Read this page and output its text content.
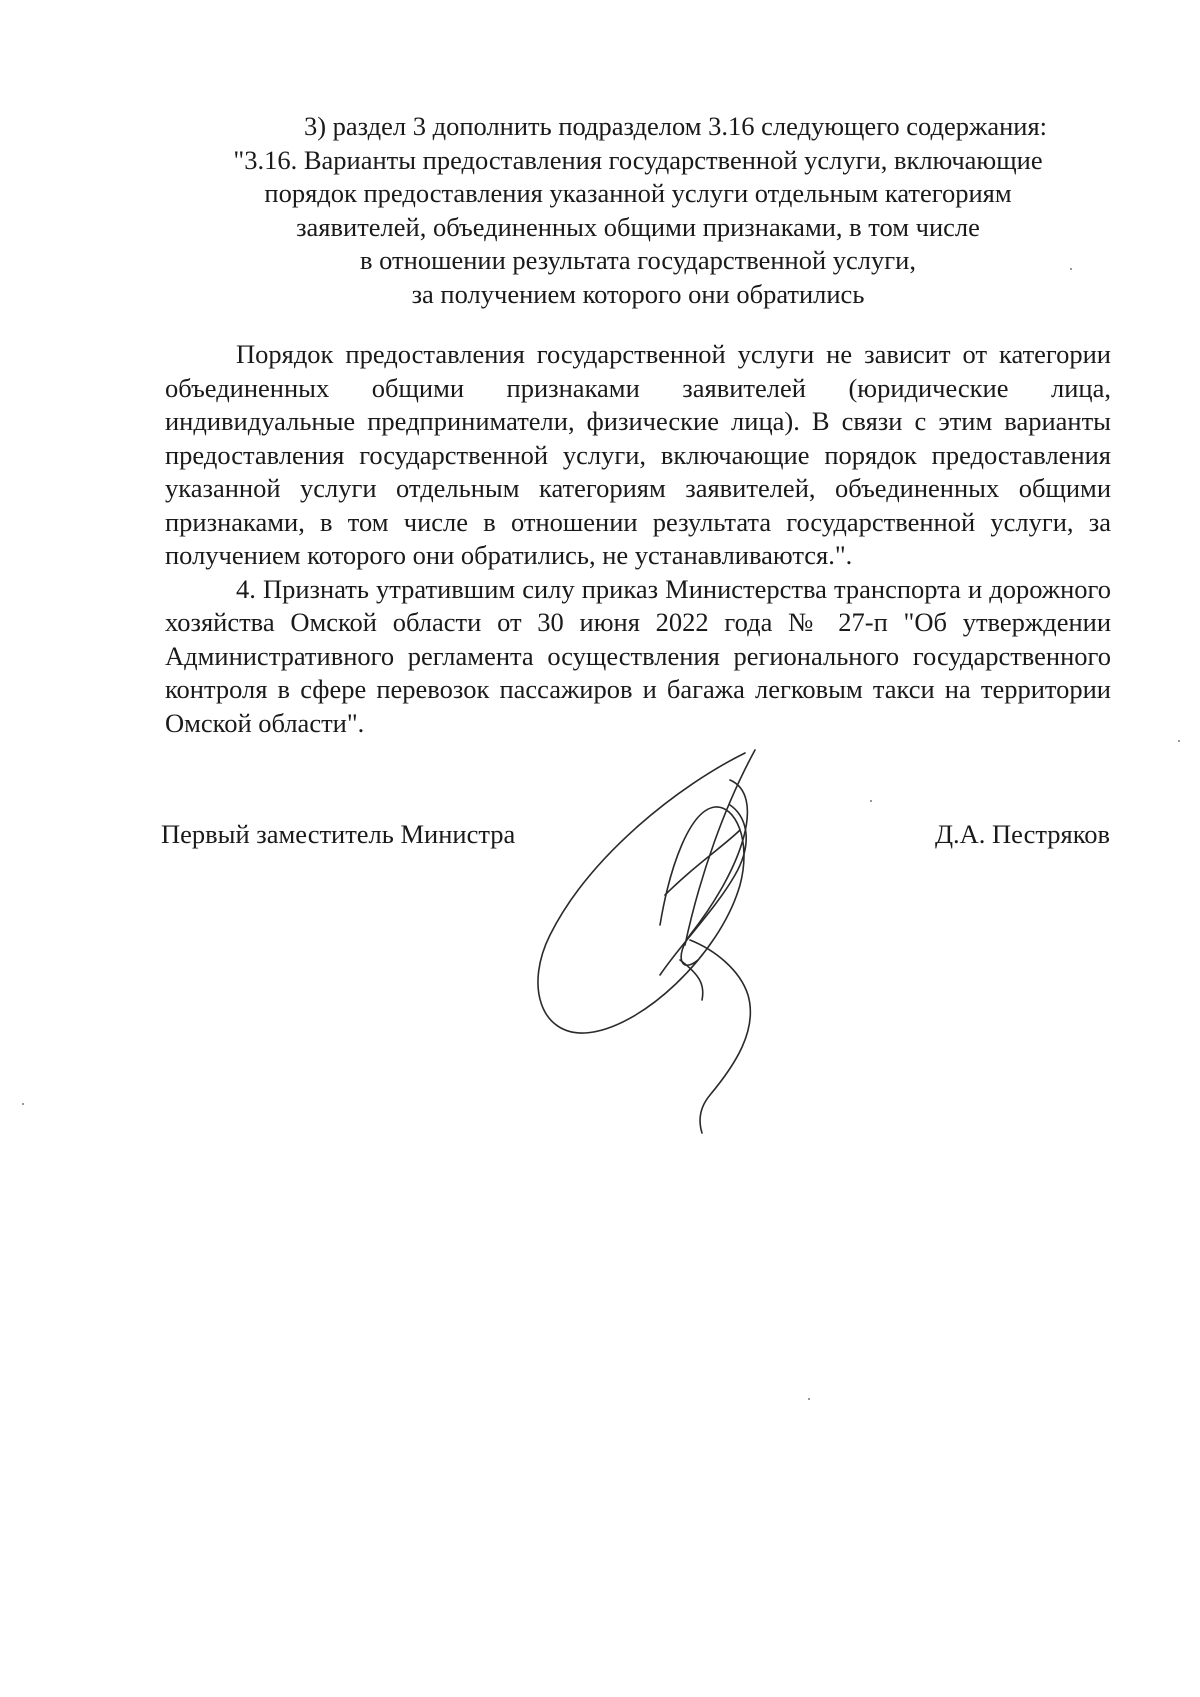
3) раздел 3 дополнить подразделом 3.16 следующего содержания:
"3.16. Варианты предоставления государственной услуги, включающие
порядок предоставления указанной услуги отдельным категориям
заявителей, объединенных общими признаками, в том числе
в отношении результата государственной услуги,
за получением которого они обратились

Порядок предоставления государственной услуги не зависит от категории объединенных общими признаками заявителей (юридические лица, индивидуальные предприниматели, физические лица). В связи с этим варианты предоставления государственной услуги, включающие порядок предоставления указанной услуги отдельным категориям заявителей, объединенных общими признаками, в том числе в отношении результата государственной услуги, за получением которого они обратились, не устанавливаются.".

4. Признать утратившим силу приказ Министерства транспорта и дорожного хозяйства Омской области от 30 июня 2022 года № 27-п "Об утверждении Административного регламента осуществления регионального государственного контроля в сфере перевозок пассажиров и багажа легковым такси на территории Омской области".

Первый заместитель Министра	Д.А. Пестряков
